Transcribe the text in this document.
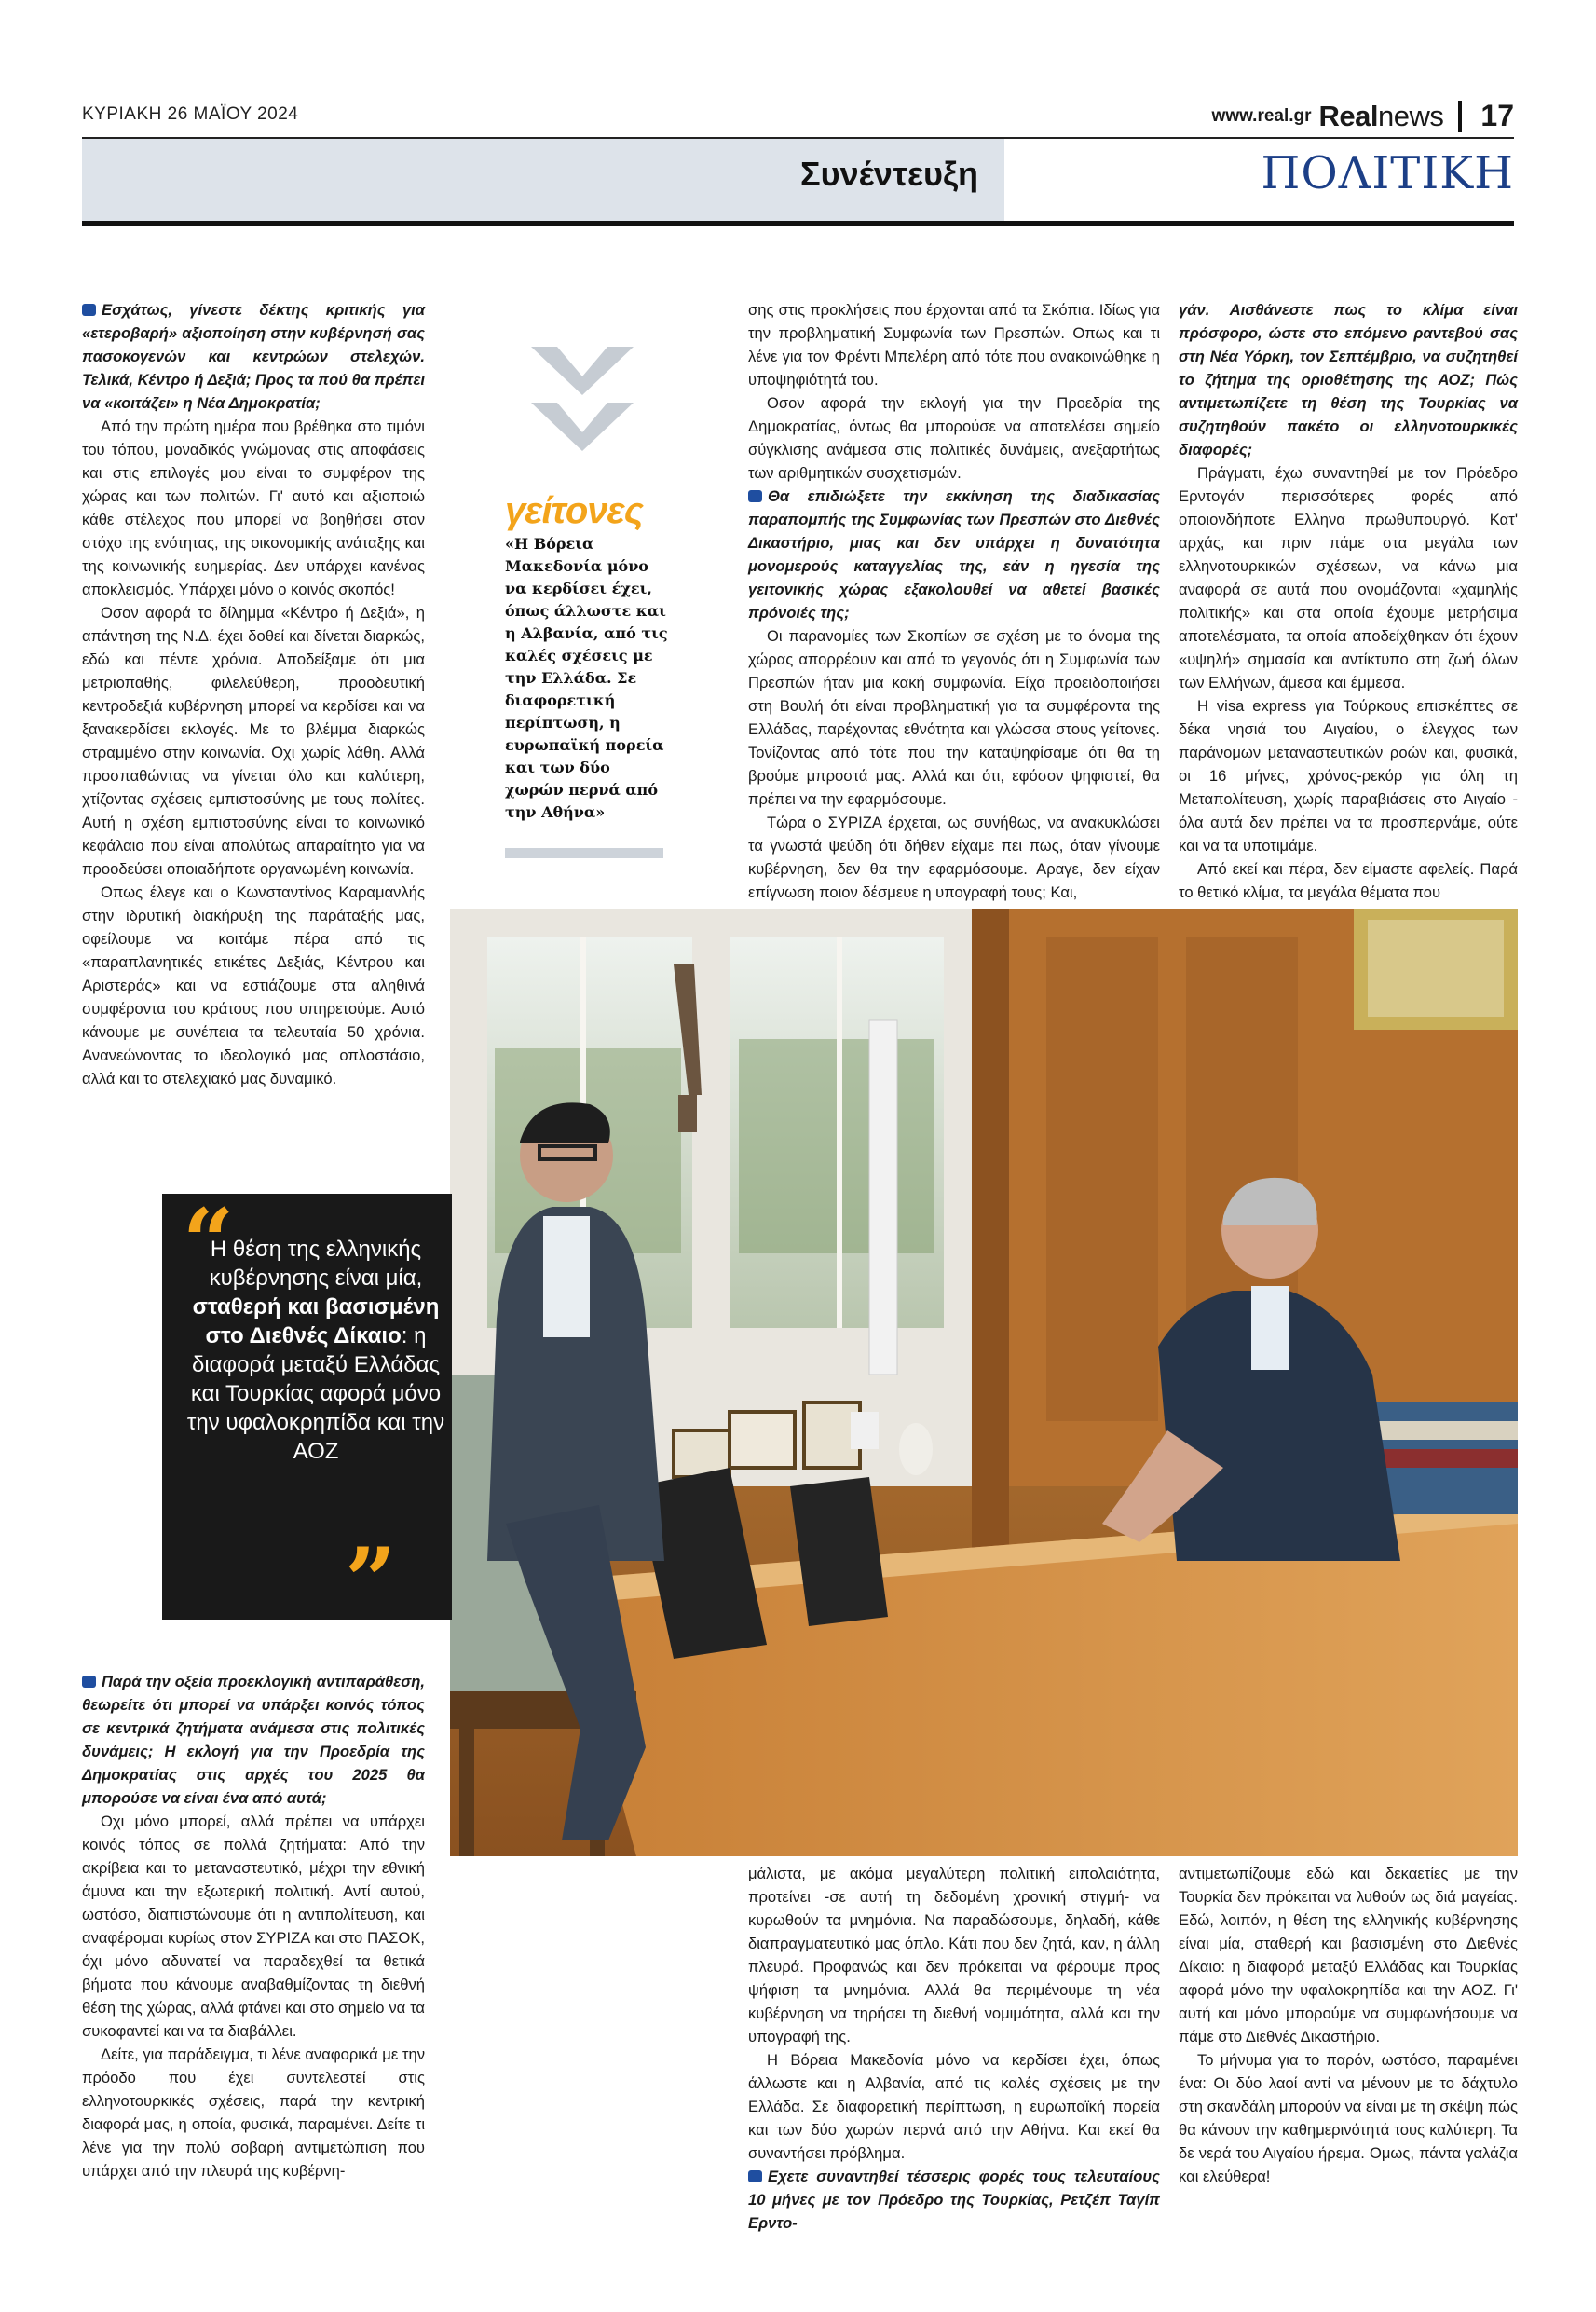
ΚΥΡΙΑΚΗ 26 ΜΑΪΟΥ 2024	www.real.gr Realnews 17
Συνέντευξη	ΠΟΛΙΤΙΚΗ

Εσχάτως, γίνεστε δέκτης κριτικής για «ετεροβαρή» αξιοποίηση στην κυβέρνησή σας πασοκογενών και κεντρώων στελεχών. Τελικά, Κέντρο ή Δεξιά; Προς τα πού θα πρέπει να «κοιτάζει» η Νέα Δημοκρατία;

Από την πρώτη ημέρα που βρέθηκα στο τιμόνι του τόπου, μοναδικός γνώμονας στις αποφάσεις και στις επιλογές μου είναι το συμφέρον της χώρας και των πολιτών. Γι' αυτό και αξιοποιώ κάθε στέλεχος που μπορεί να βοηθήσει στον στόχο της ενότητας, της οικονομικής ανάταξης και της κοινωνικής ευημερίας. Δεν υπάρχει κανένας αποκλεισμός. Υπάρχει μόνο ο κοινός σκοπός!

Οσον αφορά το δίλημμα «Κέντρο ή Δεξιά», η απάντηση της Ν.Δ. έχει δοθεί και δίνεται διαρκώς, εδώ και πέντε χρόνια. Αποδείξαμε ότι μια μετριοπαθής, φιλελεύθερη, προοδευτική κεντροδεξιά κυβέρνηση μπορεί να κερδίσει και να ξανακερδίσει εκλογές. Με το βλέμμα διαρκώς στραμμένο στην κοινωνία. Οχι χωρίς λάθη. Αλλά προσπαθώντας να γίνεται όλο και καλύτερη, χτίζοντας σχέσεις εμπιστοσύνης με τους πολίτες. Αυτή η σχέση εμπιστοσύνης είναι το κοινωνικό κεφάλαιο που είναι απολύτως απαραίτητο για να προοδεύσει οποιαδήποτε οργανωμένη κοινωνία.

Οπως έλεγε και ο Κωνσταντίνος Καραμανλής στην ιδρυτική διακήρυξη της παράταξής μας, οφείλουμε να κοιτάμε πέρα από τις «παραπλανητικές ετικέτες Δεξιάς, Κέντρου και Αριστεράς» και να εστιάζουμε στα αληθινά συμφέροντα του κράτους που υπηρετούμε. Αυτό κάνουμε με συνέπεια τα τελευταία 50 χρόνια. Ανανεώνοντας το ιδεολογικό μας οπλοστάσιο, αλλά και το στελεχιακό μας δυναμικό.

γείτονες
«Η Βόρεια Μακεδονία μόνο να κερδίσει έχει, όπως άλλωστε και η Αλβανία, από τις καλές σχέσεις με την Ελλάδα. Σε διαφορετική περίπτωση, η ευρωπαϊκή πορεία και των δύο χωρών περνά από την Αθήνα»

σης στις προκλήσεις που έρχονται από τα Σκόπια. Ιδίως για την προβληματική Συμφωνία των Πρεσπών. Οπως και τι λένε για τον Φρέντι Μπελέρη από τότε που ανακοινώθηκε η υποψηφιότητά του.

Οσον αφορά την εκλογή για την Προεδρία της Δημοκρατίας, όντως θα μπορούσε να αποτελέσει σημείο σύγκλισης ανάμεσα στις πολιτικές δυνάμεις, ανεξαρτήτως των αριθμητικών συσχετισμών.

Θα επιδιώξετε την εκκίνηση της διαδικασίας παραπομπής της Συμφωνίας των Πρεσπών στο Διεθνές Δικαστήριο, μιας και δεν υπάρχει η δυνατότητα μονομερούς καταγγελίας της, εάν η ηγεσία της γειτονικής χώρας εξακολουθεί να αθετεί βασικές πρόνοιές της;

Οι παρανομίες των Σκοπίων σε σχέση με το όνομα της χώρας απορρέουν και από το γεγονός ότι η Συμφωνία των Πρεσπών ήταν μια κακή συμφωνία. Είχα προειδοποιήσει στη Βουλή ότι είναι προβληματική για τα συμφέροντα της Ελλάδας, παρέχοντας εθνότητα και γλώσσα στους γείτονες. Τονίζοντας από τότε που την καταψηφίσαμε ότι θα τη βρούμε μπροστά μας. Αλλά και ότι, εφόσον ψηφιστεί, θα πρέπει να την εφαρμόσουμε.

Τώρα ο ΣΥΡΙΖΑ έρχεται, ως συνήθως, να ανακυκλώσει τα γνωστά ψεύδη ότι δήθεν είχαμε πει πως, όταν γίνουμε κυβέρνηση, δεν θα την εφαρμόσουμε. Αραγε, δεν είχαν επίγνωση ποιον δέσμευε η υπογραφή τους; Και,

γάν. Αισθάνεστε πως το κλίμα είναι πρόσφορο, ώστε στο επόμενο ραντεβού σας στη Νέα Υόρκη, τον Σεπτέμβριο, να συζητηθεί το ζήτημα της οριοθέτησης της ΑΟΖ; Πώς αντιμετωπίζετε τη θέση της Τουρκίας να συζητηθούν πακέτο οι ελληνοτουρκικές διαφορές;

Πράγματι, έχω συναντηθεί με τον Πρόεδρο Ερντογάν περισσότερες φορές από οποιονδήποτε Ελληνα πρωθυπουργό. Κατ' αρχάς, και πριν πάμε στα μεγάλα των ελληνοτουρκικών σχέσεων, να κάνω μια αναφορά σε αυτά που ονομάζονται «χαμηλής πολιτικής» και στα οποία έχουμε μετρήσιμα αποτελέσματα, τα οποία αποδείχθηκαν ότι έχουν «υψηλή» σημασία και αντίκτυπο στη ζωή όλων των Ελλήνων, άμεσα και έμμεσα.

Η visa express για Τούρκους επισκέπτες σε δέκα νησιά του Αιγαίου, ο έλεγχος των παράνομων μεταναστευτικών ροών και, φυσικά, οι 16 μήνες, χρόνος-ρεκόρ για όλη τη Μεταπολίτευση, χωρίς παραβιάσεις στο Αιγαίο - όλα αυτά δεν πρέπει να τα προσπερνάμε, ούτε και να τα υποτιμάμε.

Από εκεί και πέρα, δεν είμαστε αφελείς. Παρά το θετικό κλίμα, τα μεγάλα θέματα που

“
Η θέση της ελληνικής κυβέρνησης είναι μία, σταθερή και βασισμένη στο Διεθνές Δίκαιο: η διαφορά μεταξύ Ελλάδας και Τουρκίας αφορά μόνο την υφαλοκρηπίδα και την ΑΟΖ
”

Παρά την οξεία προεκλογική αντιπαράθεση, θεωρείτε ότι μπορεί να υπάρξει κοινός τόπος σε κεντρικά ζητήματα ανάμεσα στις πολιτικές δυνάμεις; Η εκλογή για την Προεδρία της Δημοκρατίας στις αρχές του 2025 θα μπορούσε να είναι ένα από αυτά;

Οχι μόνο μπορεί, αλλά πρέπει να υπάρχει κοινός τόπος σε πολλά ζητήματα: Από την ακρίβεια και το μεταναστευτικό, μέχρι την εθνική άμυνα και την εξωτερική πολιτική. Αντί αυτού, ωστόσο, διαπιστώνουμε ότι η αντιπολίτευση, και αναφέρομαι κυρίως στον ΣΥΡΙΖΑ και στο ΠΑΣΟΚ, όχι μόνο αδυνατεί να παραδεχθεί τα θετικά βήματα που κάνουμε αναβαθμίζοντας τη διεθνή θέση της χώρας, αλλά φτάνει και στο σημείο να τα συκοφαντεί και να τα διαβάλλει.

Δείτε, για παράδειγμα, τι λένε αναφορικά με την πρόοδο που έχει συντελεστεί στις ελληνοτουρκικές σχέσεις, παρά την κεντρική διαφορά μας, η οποία, φυσικά, παραμένει. Δείτε τι λένε για την πολύ σοβαρή αντιμετώπιση που υπάρχει από την πλευρά της κυβέρνη-

μάλιστα, με ακόμα μεγαλύτερη πολιτική ειπολαιότητα, προτείνει -σε αυτή τη δεδομένη χρονική στιγμή- να κυρωθούν τα μνημόνια. Να παραδώσουμε, δηλαδή, κάθε διαπραγματευτικό μας όπλο. Κάτι που δεν ζητά, καν, η άλλη πλευρά. Προφανώς και δεν πρόκειται να φέρουμε προς ψήφιση τα μνημόνια. Αλλά θα περιμένουμε τη νέα κυβέρνηση να τηρήσει τη διεθνή νομιμότητα, αλλά και την υπογραφή της.

Η Βόρεια Μακεδονία μόνο να κερδίσει έχει, όπως άλλωστε και η Αλβανία, από τις καλές σχέσεις με την Ελλάδα. Σε διαφορετική περίπτωση, η ευρωπαϊκή πορεία και των δύο χωρών περνά από την Αθήνα. Και εκεί θα συναντήσει πρόβλημα.

Εχετε συναντηθεί τέσσερις φορές τους τελευταίους 10 μήνες με τον Πρόεδρο της Τουρκίας, Ρετζέπ Ταγίπ Ερντο-

αντιμετωπίζουμε εδώ και δεκαετίες με την Τουρκία δεν πρόκειται να λυθούν ως διά μαγείας. Εδώ, λοιπόν, η θέση της ελληνικής κυβέρνησης είναι μία, σταθερή και βασισμένη στο Διεθνές Δίκαιο: η διαφορά μεταξύ Ελλάδας και Τουρκίας αφορά μόνο την υφαλοκρηπίδα και την ΑΟΖ. Γι' αυτή και μόνο μπορούμε να συμφωνήσουμε να πάμε στο Διεθνές Δικαστήριο.

Το μήνυμα για το παρόν, ωστόσο, παραμένει ένα: Οι δύο λαοί αντί να μένουν με το δάχτυλο στη σκανδάλη μπορούν να είναι με τη σκέψη πώς θα κάνουν την καθημερινότητά τους καλύτερη. Τα δε νερά του Αιγαίου ήρεμα. Ομως, πάντα γαλάζια και ελεύθερα!
